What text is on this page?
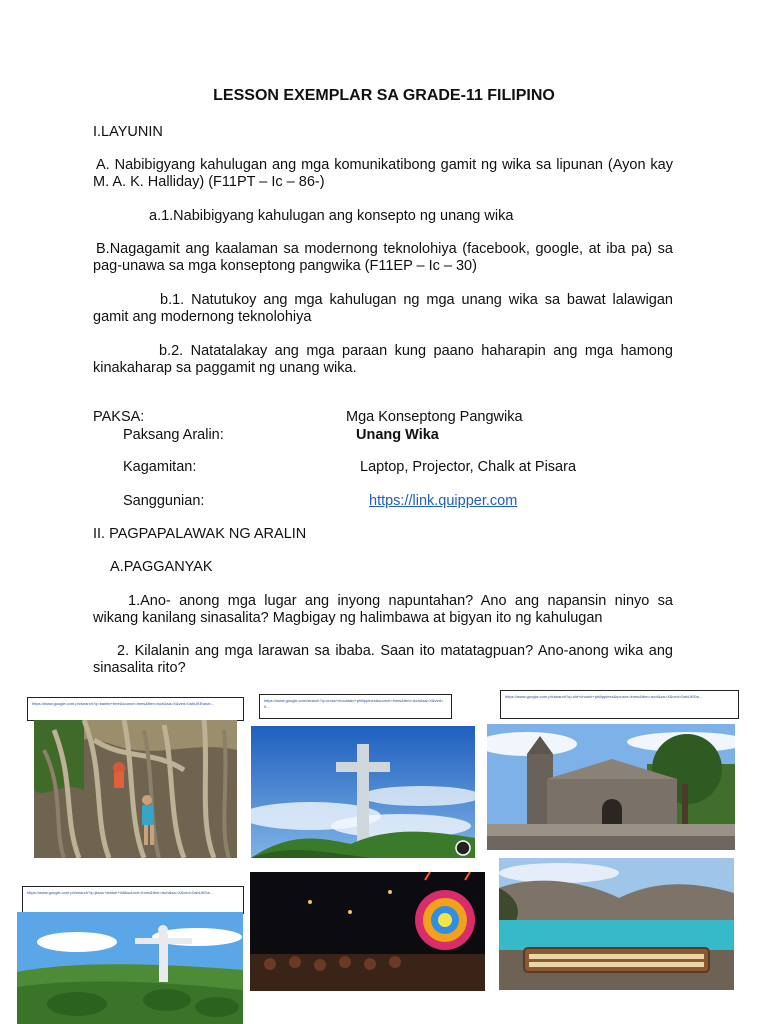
LESSON EXEMPLAR SA GRADE-11 FILIPINO
I.LAYUNIN
A. Nabibigyang kahulugan ang mga komunikatibong gamit ng wika sa lipunan (Ayon kay M. A. K. Halliday) (F11PT – Ic – 86-)
a.1.Nabibigyang kahulugan ang konsepto ng unang wika
B.Nagagamit ang kaalaman sa modernong teknolohiya (facebook, google, at iba pa) sa pag-unawa sa mga konseptong pangwika (F11EP – Ic – 30)
b.1. Natutukoy ang mga kahulugan ng mga unang wika sa bawat lalawigan gamit ang modernong teknolohiya
b.2. Natatalakay ang mga paraan kung paano haharapin ang mga hamong kinakaharap sa paggamit ng unang wika.
PAKSA:	Mga Konseptong Pangwika
Paksang Aralin:	Unang Wika
Kagamitan:	Laptop, Projector, Chalk at Pisara
Sanggunian:	https://link.quipper.com
II. PAGPAPALAWAK NG ARALIN
A.PAGGANYAK
1.Ano- anong mga lugar ang inyong napuntahan? Ano ang napansin ninyo sa wikang kanilang sinasalita? Magbigay ng halimbawa at bigyan ito ng kahulugan
2. Kilalanin ang mga larawan sa ibaba. Saan ito matatagpuan? Ano-anong wika ang sinasalita rito?
https://www.google.com.ph/search?q=balete+tree&source=lnms&tbm=isch&sa=X&ved=0ahUKEwiub...
https://www.google.com/search?q=cross+mountain+philippines&source=lnms&tbm=isch&sa=X&ved=0...
https://www.google.com.ph/search?q=old+church+philippines&source=lnms&tbm=isch&sa=X&ved=0ahUKEw...
https://www.google.com.ph/search?q=jesus+statue+hill&source=lnms&tbm=isch&sa=X&ved=0ahUKEw...
